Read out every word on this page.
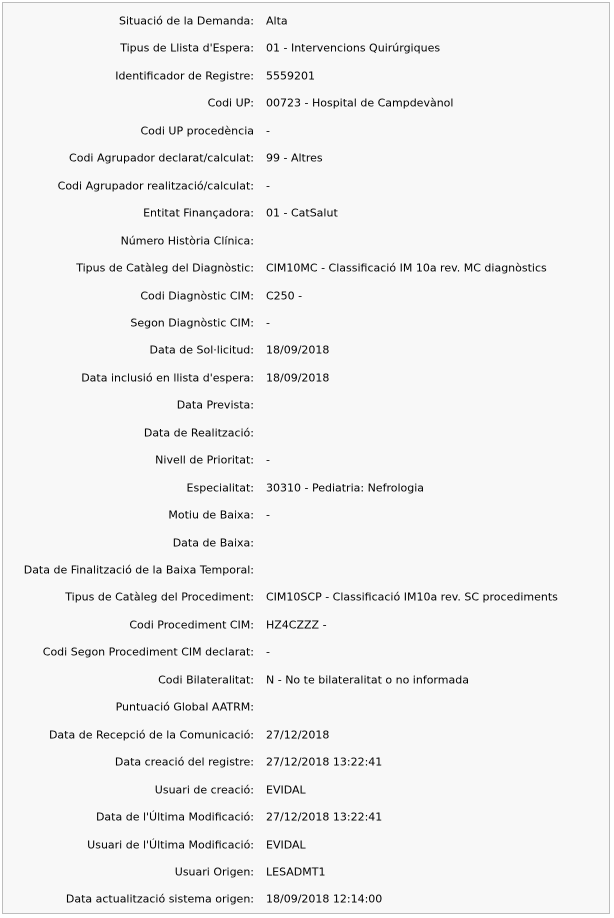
Situació de la Demanda: Alta
Tipus de Llista d'Espera: 01 - Intervencions Quirúrgiques
Identificador de Registre: 5559201
Codi UP: 00723 - Hospital de Campdevànol
Codi UP procedència -
Codi Agrupador declarat/calculat: 99 - Altres
Codi Agrupador realització/calculat: -
Entitat Finançadora: 01 - CatSalut
Número Història Clínica:
Tipus de Catàleg del Diagnòstic: CIM10MC - Classificació IM 10a rev. MC diagnòstics
Codi Diagnòstic CIM: C250 -
Segon Diagnòstic CIM: -
Data de Sol·licitud: 18/09/2018
Data inclusió en llista d'espera: 18/09/2018
Data Prevista:
Data de Realització:
Nivell de Prioritat: -
Especialitat: 30310 - Pediatria: Nefrologia
Motiu de Baixa: -
Data de Baixa:
Data de Finalització de la Baixa Temporal:
Tipus de Catàleg del Procediment: CIM10SCP - Classificació IM10a rev. SC procediments
Codi Procediment CIM: HZ4CZZZ -
Codi Segon Procediment CIM declarat: -
Codi Bilateralitat: N - No te bilateralitat o no informada
Puntuació Global AATRM:
Data de Recepció de la Comunicació: 27/12/2018
Data creació del registre: 27/12/2018 13:22:41
Usuari de creació: EVIDAL
Data de l'Última Modificació: 27/12/2018 13:22:41
Usuari de l'Última Modificació: EVIDAL
Usuari Origen: LESADMT1
Data actualització sistema origen: 18/09/2018 12:14:00
